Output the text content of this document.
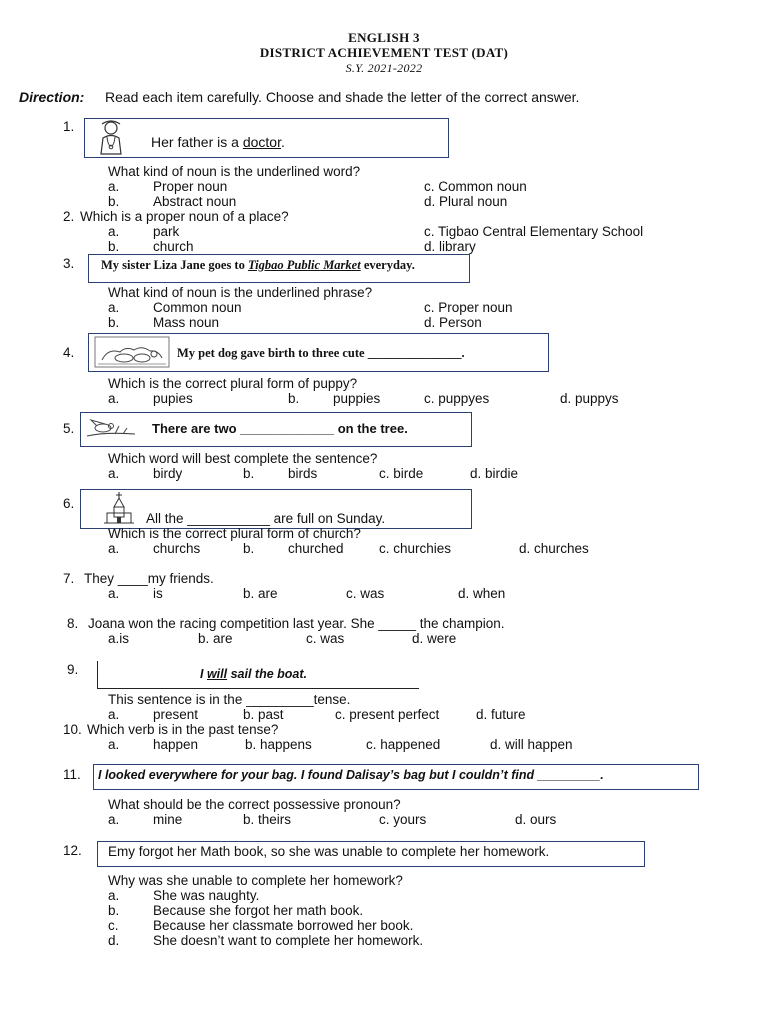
ENGLISH 3
DISTRICT ACHIEVEMENT TEST (DAT)
S.Y. 2021-2022
Direction: Read each item carefully. Choose and shade the letter of the correct answer.
1.
Her father is a doctor.
What kind of noun is the underlined word?
a. Proper noun	c. Common noun
b. Abstract noun	d. Plural noun
2. Which is a proper noun of a place?
a. park	c. Tigbao Central Elementary School
b. church	d. library
3. My sister Liza Jane goes to Tigbao Public Market everyday.
What kind of noun is the underlined phrase?
a. Common noun	c. Proper noun
b. Mass noun	d. Person
4.	My pet dog gave birth to three cute _______________.
Which is the correct plural form of puppy?
a. pupies	b. puppies	c. puppyes	d. puppys
5.	There are two _____________ on the tree.
Which word will best complete the sentence?
a. birdy	b. birds	c. birde	d. birdie
6.
All the ___________ are full on Sunday.
Which is the correct plural form of church?
a. churchs	b. churched	c. churchies	d. churches
7. They ____my friends.
a. is	b. are	c. was	d. when
8. Joana won the racing competition last year. She _____ the champion.
a.is	b. are	c. was	d. were
9.	I will sail the boat.
This sentence is in the _________tense.
a. present	b. past	c. present perfect	d. future
10. Which verb is in the past tense?
a. happen	b. happens	c. happened	d. will happen
11. I looked everywhere for your bag. I found Dalisay’s bag but I couldn’t find _________.
What should be the correct possessive pronoun?
a. mine	b. theirs	c. yours	d. ours
12. Emy forgot her Math book, so she was unable to complete her homework.
Why was she unable to complete her homework?
a. She was naughty.
b. Because she forgot her math book.
c.	Because her classmate borrowed her book.
d. She doesn’t want to complete her homework.
